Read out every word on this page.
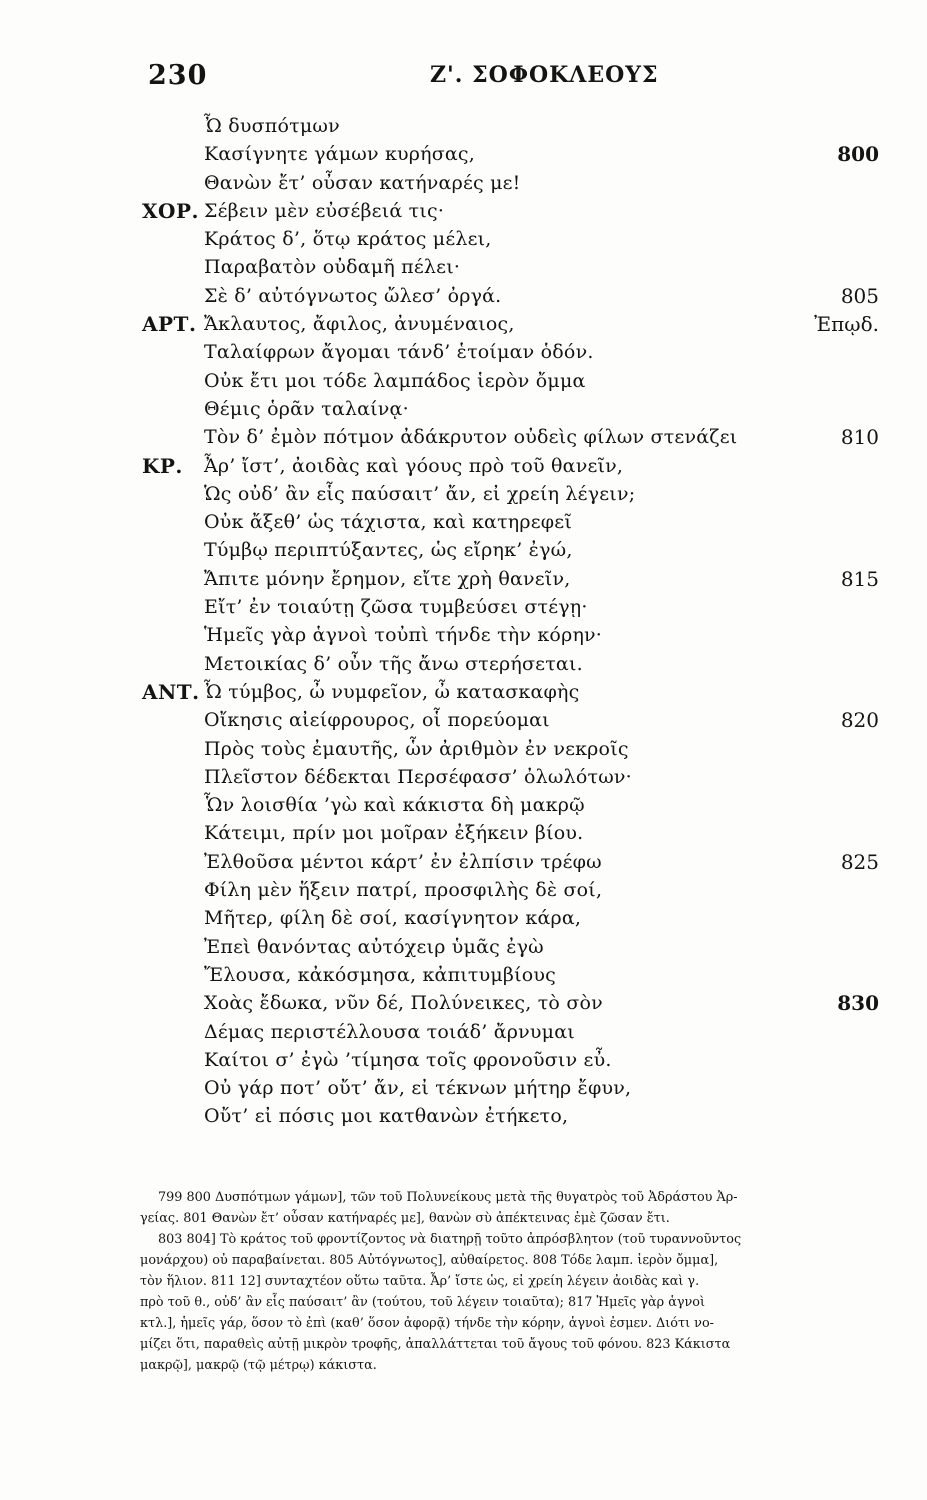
230	Ζ'. ΣΟΦΟΚΛΕΟΥΣ
Ὦ δυσπότμων
Κασίγνητε γάμων κυρήσας,	800
Θανὼν ἔτ’ οὖσαν κατήναρές με!
ΧΟΡ. Σέβειν μὲν εὐσέβειά τις·
Κράτος δ’, ὅτῳ κράτος μέλει,
Παραβατὸν οὐδαμῆ πέλει·
Σὲ δ’ αὐτόγνωτος ὤλεσ’ ὀργά.	805
ΑΡΤ. Ἄκλαυτος, ἄφιλος, ἀνυμέναιος,	Ἐπῳδ.
Ταλαίφρων ἄγομαι τάνδ’ ἑτοίμαν ὁδόν.
Οὐκ ἔτι μοι τόδε λαμπάδος ἱερὸν ὄμμα
Θέμις ὁρᾶν ταλαίνᾳ·
Τὸν δ’ ἐμὸν πότμον ἀδάκρυτον οὐδεὶς φίλων στενάζει	810
ΚΡ. Ἆρ’ ἴστ’, ἀοιδὰς καὶ γόους πρὸ τοῦ θανεῖν,
Ὡς οὐδ’ ἂν εἷς παύσαιτ’ ἄν, εἰ χρείη λέγειν;
Οὐκ ἄξεθ’ ὡς τάχιστα, καὶ κατηρεφεῖ
Τύμβῳ περιπτύξαντες, ὡς εἴρηκ’ ἐγώ,
Ἄπιτε μόνην ἔρημον, εἴτε χρὴ θανεῖν,	815
Εἴτ’ ἐν τοιαύτῃ ζῶσα τυμβεύσει στέγῃ·
Ἡμεῖς γὰρ ἁγνοὶ τοὐπὶ τήνδε τὴν κόρην·
Μετοικίας δ’ οὖν τῆς ἄνω στερήσεται.
ΑΝΤ. Ὦ τύμβος, ὦ νυμφεῖον, ὦ κατασκαφὴς
Οἴκησις αἰείφρουρος, οἷ πορεύομαι	820
Πρὸς τοὺς ἐμαυτῆς, ὧν ἀριθμὸν ἐν νεκροῖς
Πλεῖστον δέδεκται Περσέφασσ’ ὀλωλότων·
Ὧν λοισθία ’γὼ καὶ κάκιστα δὴ μακρῷ
Κάτειμι, πρίν μοι μοῖραν ἐξήκειν βίου.
Ἐλθοῦσα μέντοι κάρτ’ ἐν ἐλπίσιν τρέφω	825
Φίλη μὲν ἥξειν πατρί, προσφιλὴς δὲ σοί,
Μῆτερ, φίλη δὲ σοί, κασίγνητον κάρα,
Ἐπεὶ θανόντας αὐτόχειρ ὑμᾶς ἐγὼ
Ἔλουσα, κἀκόσμησα, κἀπιτυμβίους
Χοὰς ἔδωκα, νῦν δέ, Πολύνεικες, τὸ σὸν	830
Δέμας περιστέλλουσα τοιάδ’ ἄρνυμαι
Καίτοι σ’ ἐγὼ ’τίμησα τοῖς φρονοῦσιν εὖ.
Οὐ γάρ ποτ’ οὔτ’ ἄν, εἰ τέκνων μήτηρ ἔφυν,
Οὔτ’ εἰ πόσις μοι κατθανὼν ἐτήκετο,
799 800 Δυσπότμων γάμων], τῶν τοῦ Πολυνείκους μετὰ τῆς θυγατρὸς τοῦ Ἀδράστου Ἀρ-
γείας. 801 Θανὼν ἔτ’ οὖσαν κατήναρές με], θανὼν σὺ ἀπέκτεινας ἐμὲ ζῶσαν ἔτι.
803 804] Τὸ κράτος τοῦ φροντίζοντος νὰ διατηρῇ τοῦτο ἀπρόσβλητον (τοῦ τυραννοῦντος
μονάρχου) οὐ παραβαίνεται. 805 Αὐτόγνωτος], αὐθαίρετος. 808 Τόδε λαμπ. ἱερὸν ὄμμα],
τὸν ἥλιον. 811 12] συνταχτέον οὕτω ταῦτα. Ἆρ’ ἴστε ὡς, εἰ χρείη λέγειν ἀοιδὰς καὶ γ.
πρὸ τοῦ θ., οὐδ’ ἂν εἷς παύσαιτ’ ἂν (τούτου, τοῦ λέγειν τοιαῦτα); 817 Ἡμεῖς γὰρ ἁγνοὶ
κτλ.], ἡμεῖς γάρ, ὅσον τὸ ἐπὶ (καθ’ ὅσον ἀφορᾷ) τήνδε τὴν κόρην, ἁγνοὶ ἐσμεν. Διότι νο-
μίζει ὅτι, παραθεὶς αὐτῇ μικρὸν τροφῆς, ἀπαλλάττεται τοῦ ἄγους τοῦ φόνου. 823 Κάκιστα
μακρῷ], μακρῷ (τῷ μέτρῳ) κάκιστα.
